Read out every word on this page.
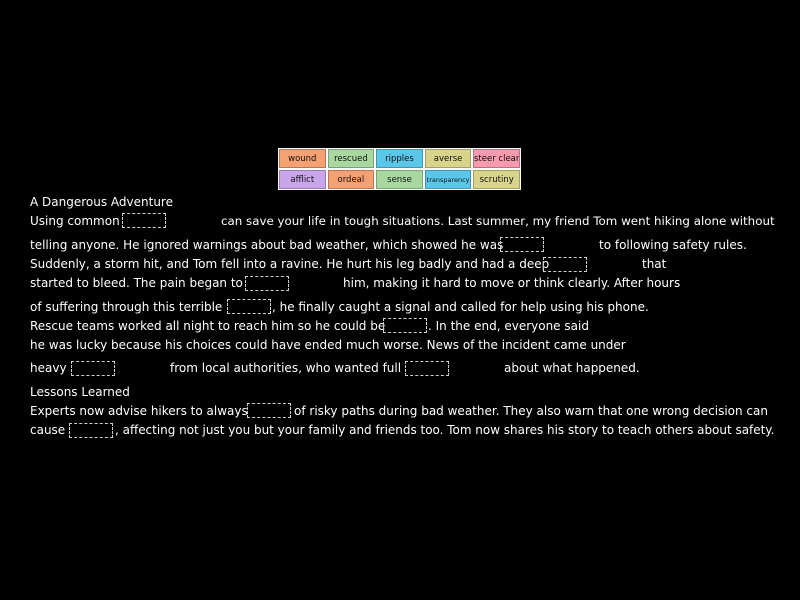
wound	rescued	ripples	averse	steer clear
afflict	ordeal	sense	transparency	scrutiny
A Dangerous Adventure
Using common	can save your life in tough situations. Last summer, my friend Tom went hiking alone without
telling anyone. He ignored warnings about bad weather, which showed he was	to following safety rules.
Suddenly, a storm hit, and Tom fell into a ravine. He hurt his leg badly and had a deep	that
started to bleed. The pain began to	him, making it hard to move or think clearly. After hours
of suffering through this terrible	, he finally caught a signal and called for help using his phone.
Rescue teams worked all night to reach him so he could be	. In the end, everyone said
he was lucky because his choices could have ended much worse. News of the incident came under
heavy	from local authorities, who wanted full	about what happened.
Lessons Learned
Experts now advise hikers to always	of risky paths during bad weather. They also warn that one wrong decision can
cause	, affecting not just you but your family and friends too. Tom now shares his story to teach others about safety.
